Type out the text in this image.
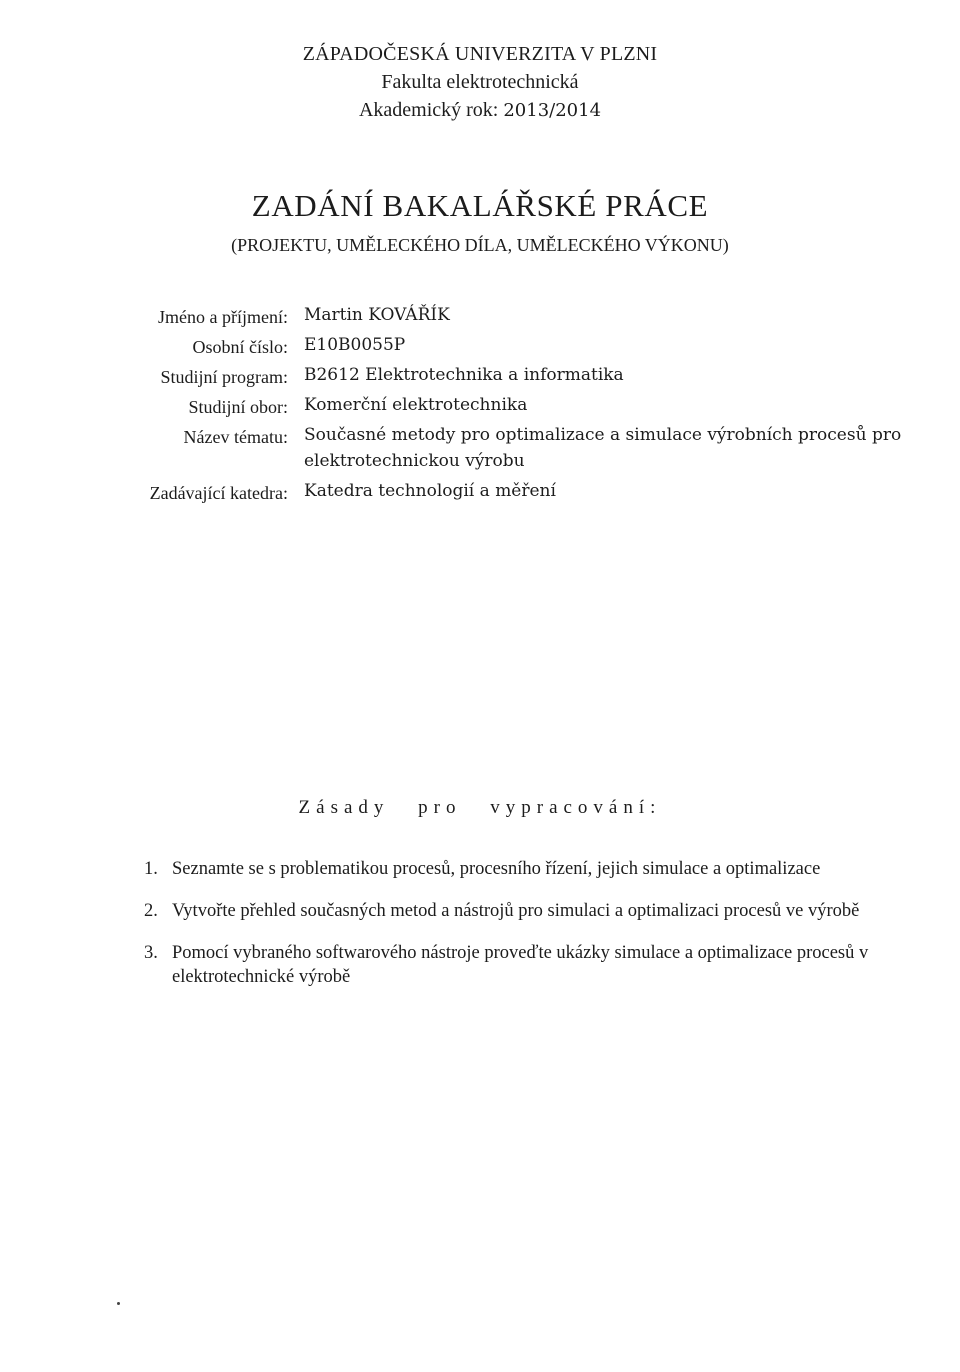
ZÁPADOČESKÁ UNIVERZITA V PLZNI
Fakulta elektrotechnická
Akademický rok: 2013/2014
ZADÁNÍ BAKALÁŘSKÉ PRÁCE
(PROJEKTU, UMĚLECKÉHO DÍLA, UMĚLECKÉHO VÝKONU)
Jméno a příjmení: Martin KOVÁŘÍK
Osobní číslo: E10B0055P
Studijní program: B2612 Elektrotechnika a informatika
Studijní obor: Komerční elektrotechnika
Název tématu: Současné metody pro optimalizace a simulace výrobních procesů pro elektrotechnickou výrobu
Zadávající katedra: Katedra technologií a měření
Zásady pro vypracování:
1. Seznamte se s problematikou procesů, procesního řízení, jejich simulace a optimalizace
2. Vytvořte přehled současných metod a nástrojů pro simulaci a optimalizaci procesů ve výrobě
3. Pomocí vybraného softwarového nástroje proveďte ukázky simulace a optimalizace procesů v elektrotechnické výrobě
